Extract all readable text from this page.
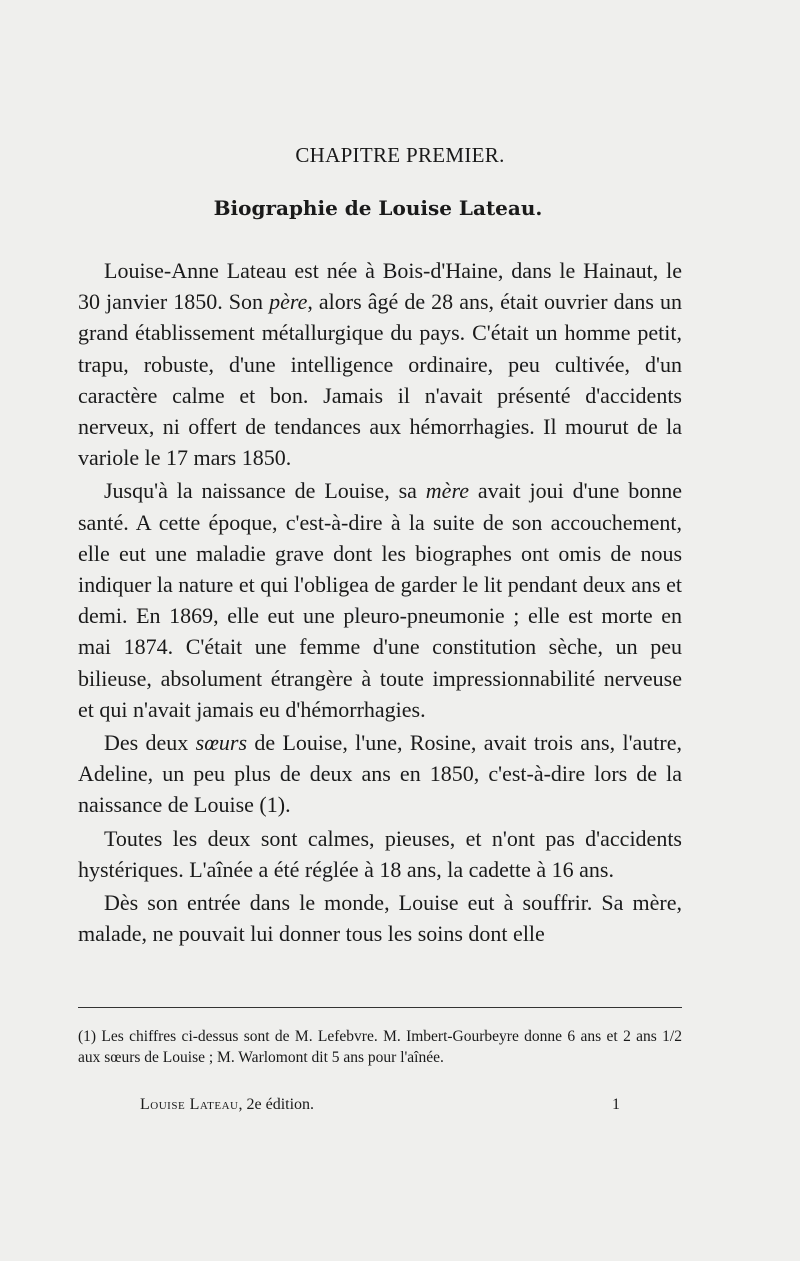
CHAPITRE PREMIER.
Biographie de Louise Lateau.

Louise-Anne Lateau est née à Bois-d'Haine, dans le Hainaut, le 30 janvier 1850. Son père, alors âgé de 28 ans, était ouvrier dans un grand établissement métallurgique du pays. C'était un homme petit, trapu, robuste, d'une intelligence ordinaire, peu cultivée, d'un caractère calme et bon. Jamais il n'avait présenté d'accidents nerveux, ni offert de tendances aux hémorrhagies. Il mourut de la variole le 17 mars 1850.

Jusqu'à la naissance de Louise, sa mère avait joui d'une bonne santé. A cette époque, c'est-à-dire à la suite de son accouchement, elle eut une maladie grave dont les biographes ont omis de nous indiquer la nature et qui l'obligea de garder le lit pendant deux ans et demi. En 1869, elle eut une pleuro-pneumonie ; elle est morte en mai 1874. C'était une femme d'une constitution sèche, un peu bilieuse, absolument étrangère à toute impressionnabilité nerveuse et qui n'avait jamais eu d'hémorrhagies.

Des deux sœurs de Louise, l'une, Rosine, avait trois ans, l'autre, Adeline, un peu plus de deux ans en 1850, c'est-à-dire lors de la naissance de Louise (1).

Toutes les deux sont calmes, pieuses, et n'ont pas d'accidents hystériques. L'aînée a été réglée à 18 ans, la cadette à 16 ans.

Dès son entrée dans le monde, Louise eut à souffrir. Sa mère, malade, ne pouvait lui donner tous les soins dont elle

(1) Les chiffres ci-dessus sont de M. Lefebvre. M. Imbert-Gourbeyre donne 6 ans et 2 ans 1/2 aux sœurs de Louise ; M. Warlomont dit 5 ans pour l'aînée.
Louise Lateau, 2e édition.	1
